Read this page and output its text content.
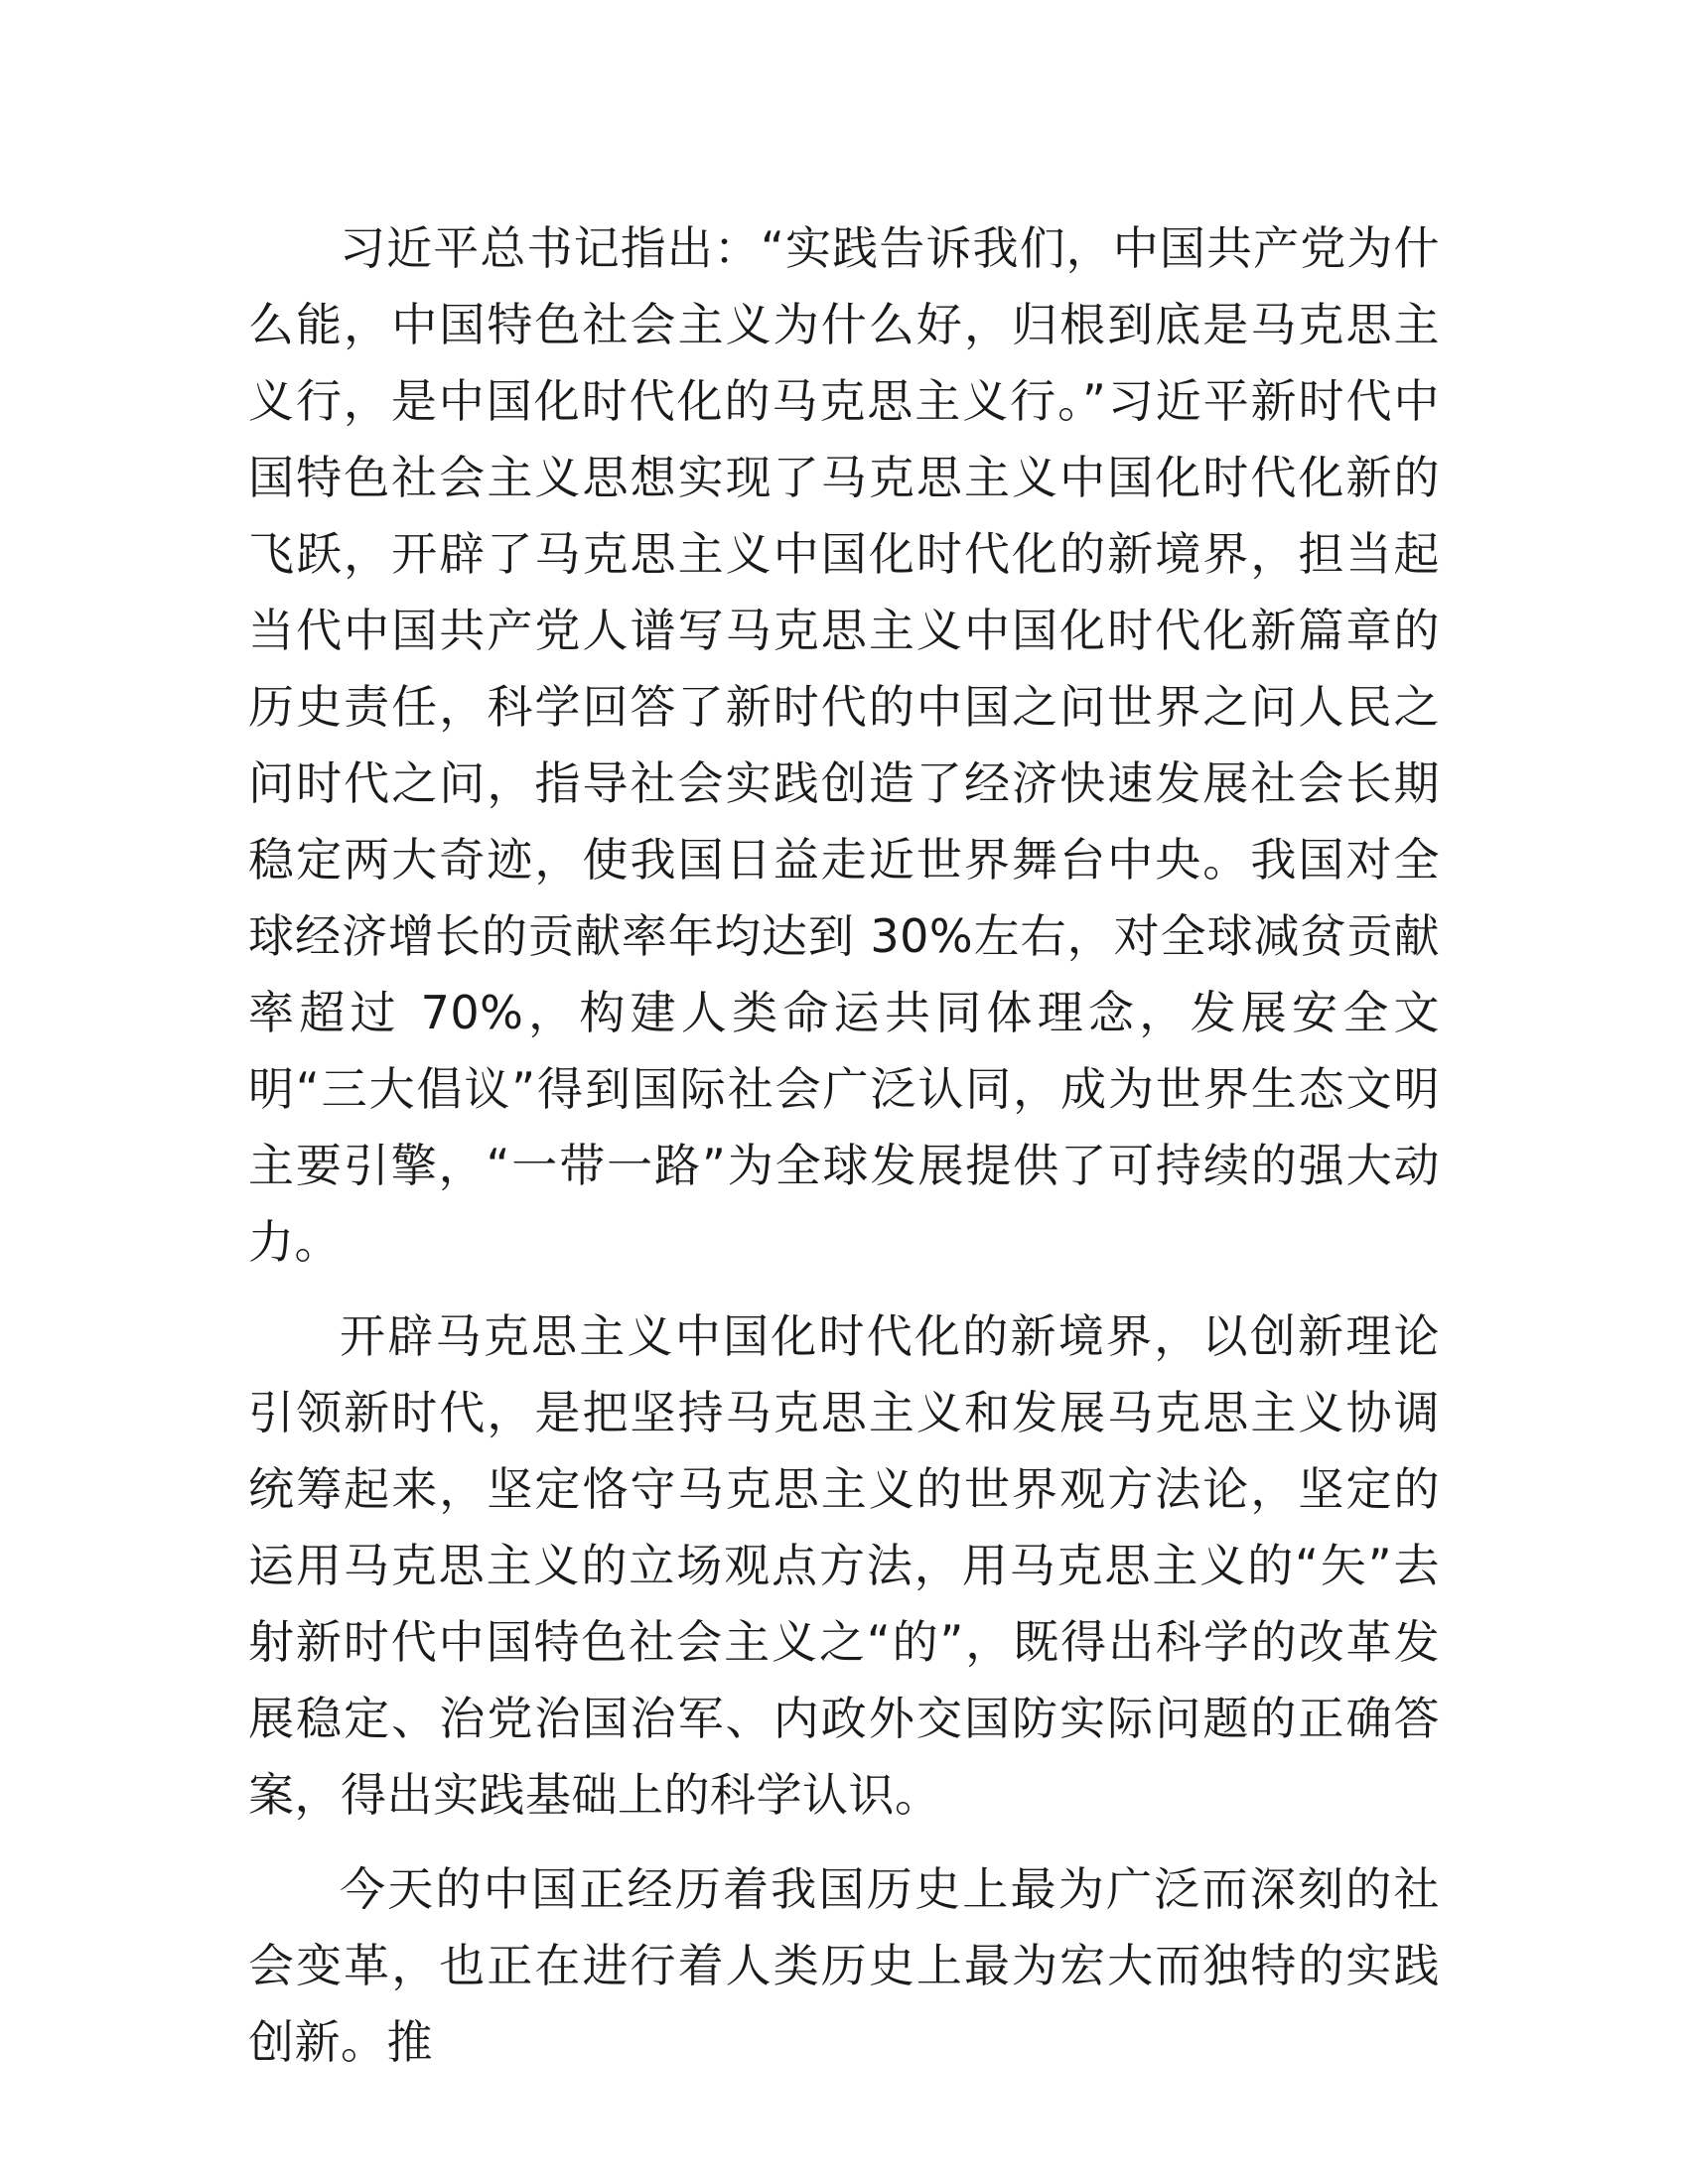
习近平总书记指出：“实践告诉我们，中国共产党为什么能，中国特色社会主义为什么好，归根到底是马克思主义行，是中国化时代化的马克思主义行。”习近平新时代中国特色社会主义思想实现了马克思主义中国化时代化新的飞跃，开辟了马克思主义中国化时代化的新境界，担当起当代中国共产党人谱写马克思主义中国化时代化新篇章的历史责任，科学回答了新时代的中国之问世界之问人民之问时代之问，指导社会实践创造了经济快速发展社会长期稳定两大奇迹，使我国日益走近世界舞台中央。我国对全球经济增长的贡献率年均达到 30%左右，对全球减贫贡献率超过 70%，构建人类命运共同体理念，发展安全文明“三大倡议”得到国际社会广泛认同，成为世界生态文明主要引擎，“一带一路”为全球发展提供了可持续的强大动力。

开辟马克思主义中国化时代化的新境界，以创新理论引领新时代，是把坚持马克思主义和发展马克思主义协调统筹起来，坚定恪守马克思主义的世界观方法论，坚定的运用马克思主义的立场观点方法，用马克思主义的“矢”去射新时代中国特色社会主义之“的”，既得出科学的改革发展稳定、治党治国治军、内政外交国防实际问题的正确答案，得出实践基础上的科学认识。

今天的中国正经历着我国历史上最为广泛而深刻的社会变革，也正在进行着人类历史上最为宏大而独特的实践创新。推
